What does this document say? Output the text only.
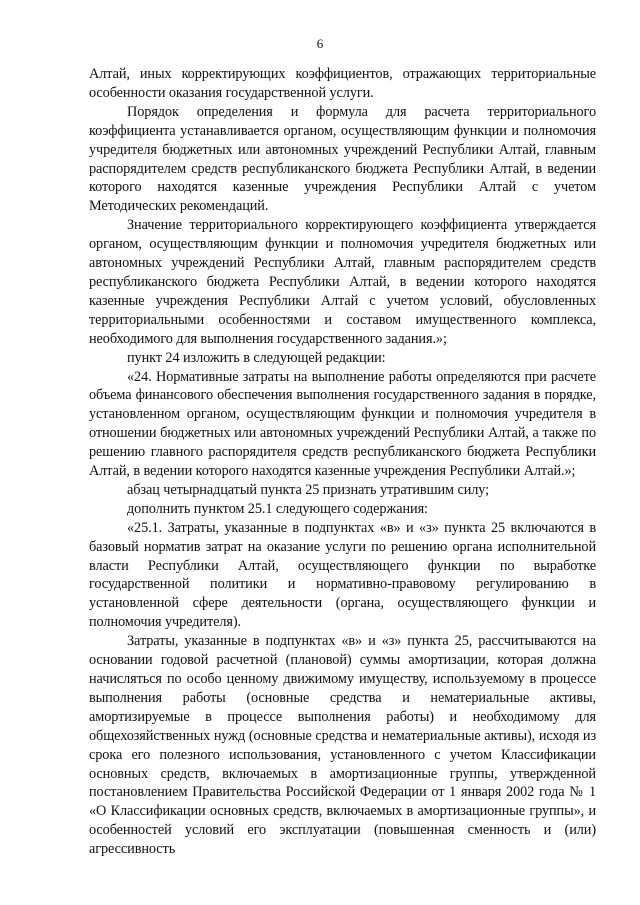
6

Алтай, иных корректирующих коэффициентов, отражающих территориальные особенности оказания государственной услуги.

Порядок определения и формула для расчета территориального коэффициента устанавливается органом, осуществляющим функции и полномочия учредителя бюджетных или автономных учреждений Республики Алтай, главным распорядителем средств республиканского бюджета Республики Алтай, в ведении которого находятся казенные учреждения Республики Алтай с учетом Методических рекомендаций.

Значение территориального корректирующего коэффициента утверждается органом, осуществляющим функции и полномочия учредителя бюджетных или автономных учреждений Республики Алтай, главным распорядителем средств республиканского бюджета Республики Алтай, в ведении которого находятся казенные учреждения Республики Алтай с учетом условий, обусловленных территориальными особенностями и составом имущественного комплекса, необходимого для выполнения государственного задания.»;

пункт 24 изложить в следующей редакции:

«24. Нормативные затраты на выполнение работы определяются при расчете объема финансового обеспечения выполнения государственного задания в порядке, установленном органом, осуществляющим функции и полномочия учредителя в отношении бюджетных или автономных учреждений Республики Алтай, а также по решению главного распорядителя средств республиканского бюджета Республики Алтай, в ведении которого находятся казенные учреждения Республики Алтай.»;

абзац четырнадцатый пункта 25 признать утратившим силу;

дополнить пунктом 25.1 следующего содержания:

«25.1. Затраты, указанные в подпунктах «в» и «з» пункта 25 включаются в базовый норматив затрат на оказание услуги по решению органа исполнительной власти Республики Алтай, осуществляющего функции по выработке государственной политики и нормативно-правовому регулированию в установленной сфере деятельности (органа, осуществляющего функции и полномочия учредителя).

Затраты, указанные в подпунктах «в» и «з» пункта 25, рассчитываются на основании годовой расчетной (плановой) суммы амортизации, которая должна начисляться по особо ценному движимому имуществу, используемому в процессе выполнения работы (основные средства и нематериальные активы, амортизируемые в процессе выполнения работы) и необходимому для общехозяйственных нужд (основные средства и нематериальные активы), исходя из срока его полезного использования, установленного с учетом Классификации основных средств, включаемых в амортизационные группы, утвержденной постановлением Правительства Российской Федерации от 1 января 2002 года № 1 «О Классификации основных средств, включаемых в амортизационные группы», и особенностей условий его эксплуатации (повышенная сменность и (или) агрессивность
